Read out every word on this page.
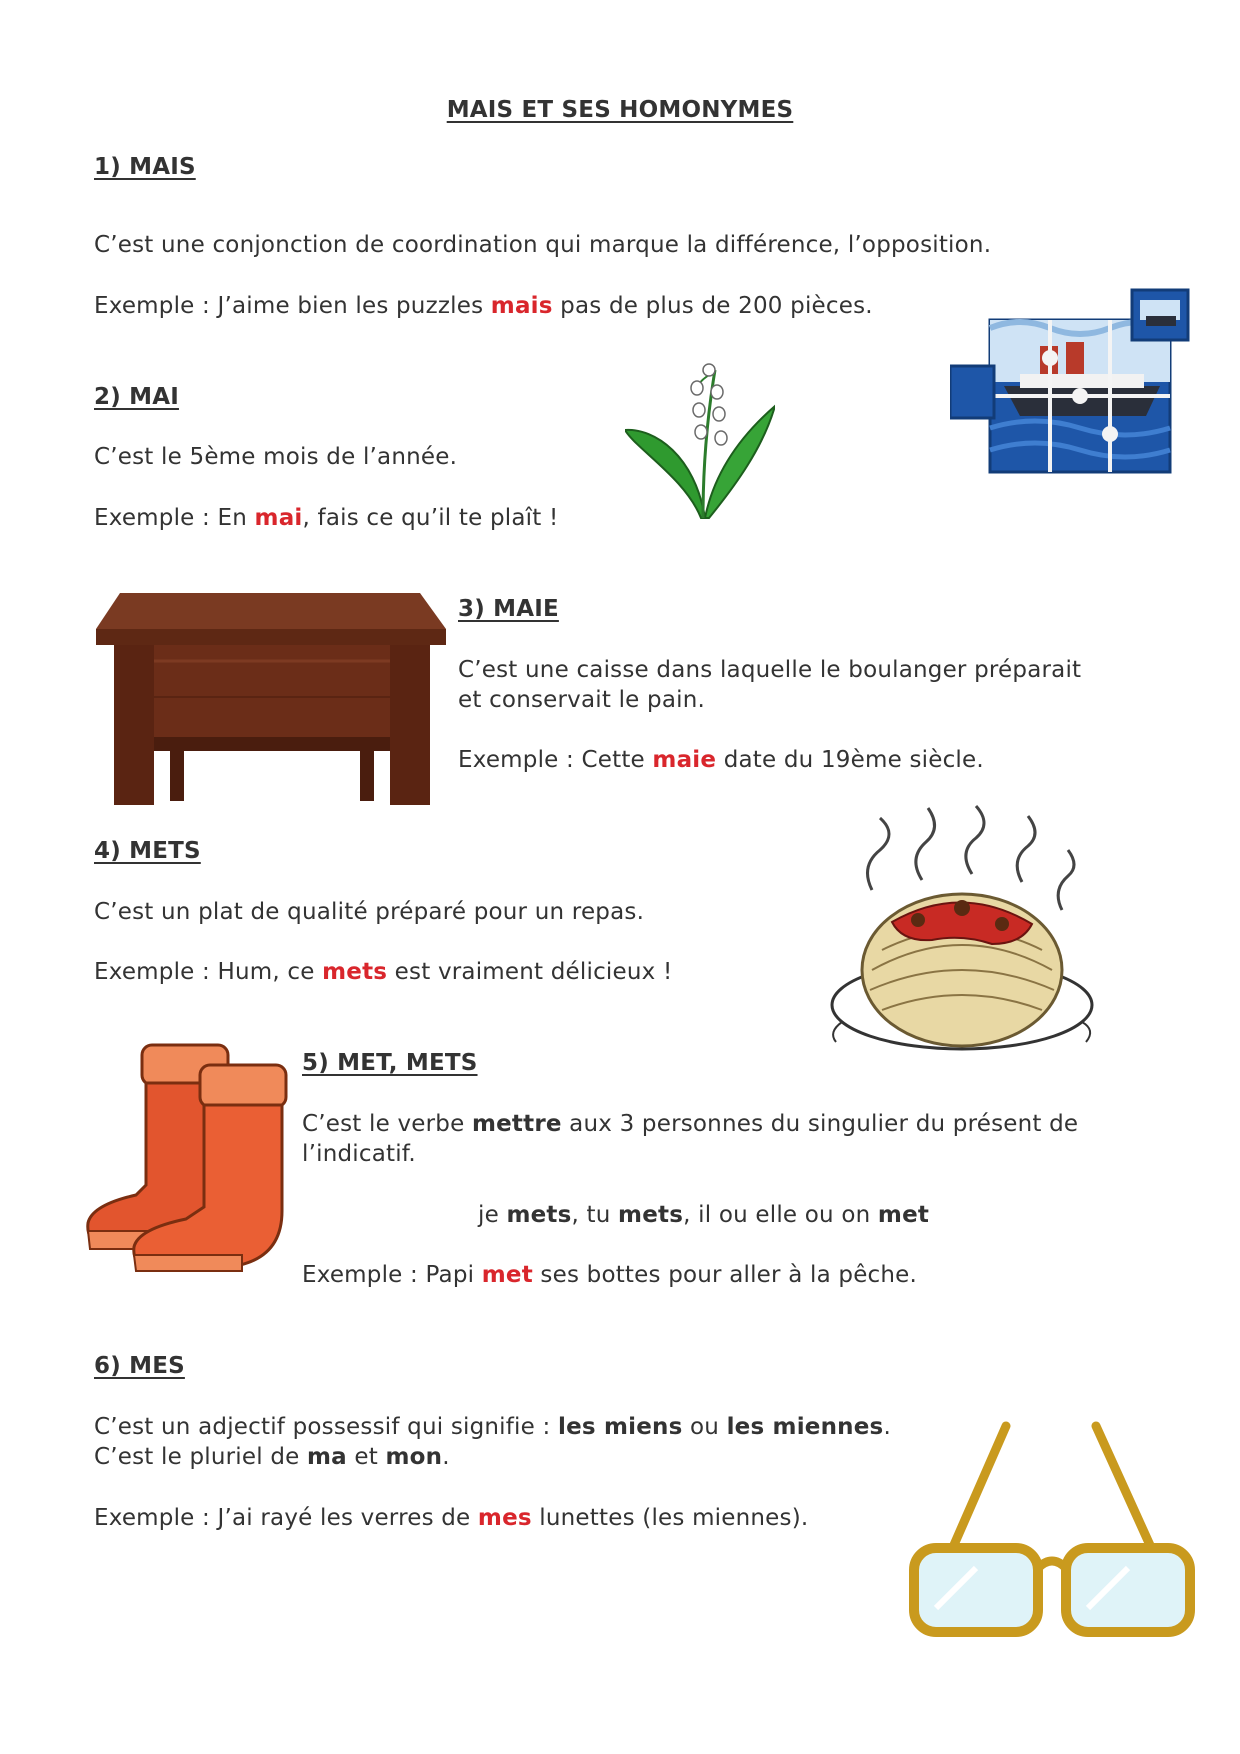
MAIS ET SES HOMONYMES

1) MAIS

C’est une conjonction de coordination qui marque la différence, l’opposition.

Exemple : J’aime bien les puzzles mais pas de plus de 200 pièces.

2) MAI

C’est le 5ème mois de l’année.

Exemple : En mai, fais ce qu’il te plaît !

3) MAIE

C’est une caisse dans laquelle le boulanger préparait

et conservait le pain.

Exemple : Cette maie date du 19ème siècle.

4) METS

C’est un plat de qualité préparé pour un repas.

Exemple : Hum, ce mets est vraiment délicieux !

5) MET, METS

C’est le verbe mettre aux 3 personnes du singulier du présent de

l’indicatif.

je mets, tu mets, il ou elle ou on met

Exemple : Papi met ses bottes pour aller à la pêche.

6) MES

C’est un adjectif possessif qui signifie : les miens ou les miennes.

C’est le pluriel de ma et mon.

Exemple : J’ai rayé les verres de mes lunettes (les miennes).
